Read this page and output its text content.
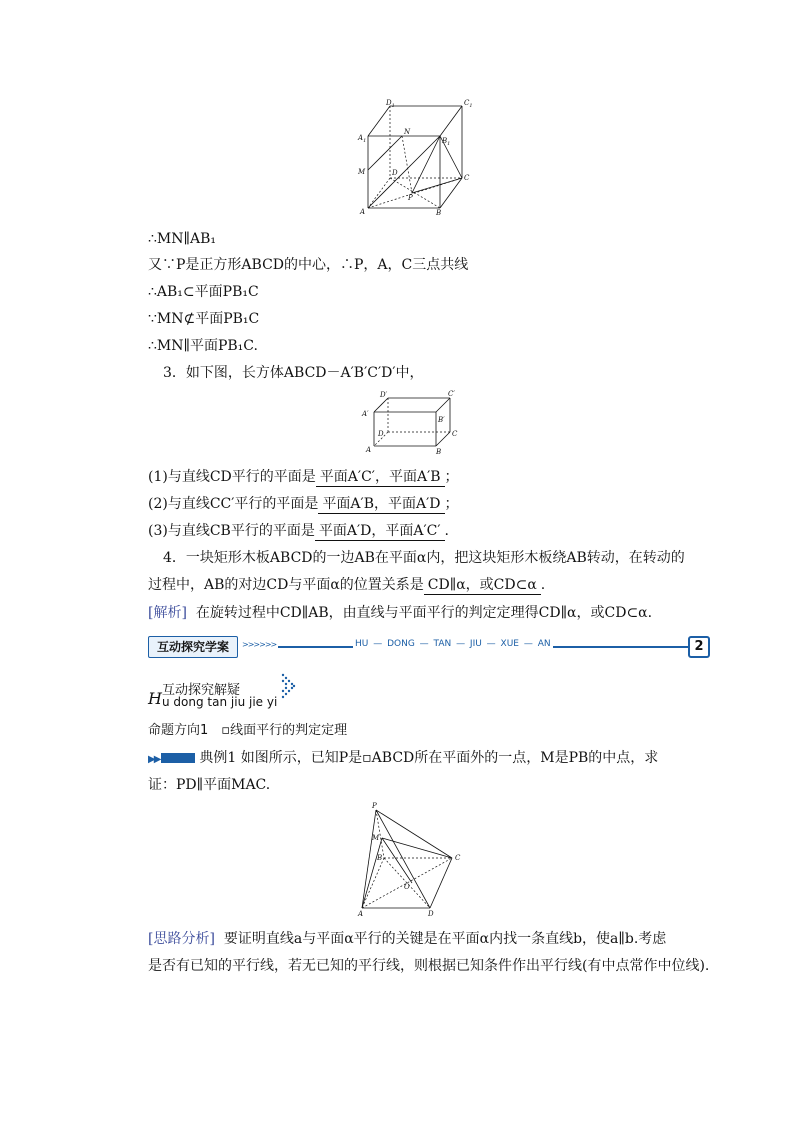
$D_1$	$C_1$
$A_1$
N
$B_1$
M	D
C
P
A	B
∴MN∥AB₁
又∵P是正方形ABCD的中心，∴P，A，C三点共线
∴AB₁⊂平面PB₁C
∵MN⊄平面PB₁C
∴MN∥平面PB₁C.
3．如下图，长方体ABCD－A′B′C′D′中，
D′	C′
A′
B′
D	C
A	B
(1)与直线CD平行的平面是 平面A′C′，平面A′B ；
(2)与直线CC′平行的平面是 平面A′B，平面A′D ；
(3)与直线CB平行的平面是 平面A′D，平面A′C′ .
4．一块矩形木板ABCD的一边AB在平面α内，把这块矩形木板绕AB转动，在转动的
过程中，AB的对边CD与平面α的位置关系是 CD∥α，或CD⊂α .
[解析] 在旋转过程中CD∥AB，由直线与平面平行的判定定理得CD∥α，或CD⊂α.
互动探究学案	>>>>>>	HU — DONG — TAN — JIU — XUE — AN	2
H 互动探究解疑
u dong tan jiu jie yi
命题方向1　▫线面平行的判定定理
▶▶	典例1 如图所示，已知P是▫ABCD所在平面外的一点，M是PB的中点，求
证：PD∥平面MAC.
P
M
B	C
O
A	D
[思路分析] 要证明直线a与平面α平行的关键是在平面α内找一条直线b，使a∥b.考虑
是否有已知的平行线，若无已知的平行线，则根据已知条件作出平行线(有中点常作中位线).
